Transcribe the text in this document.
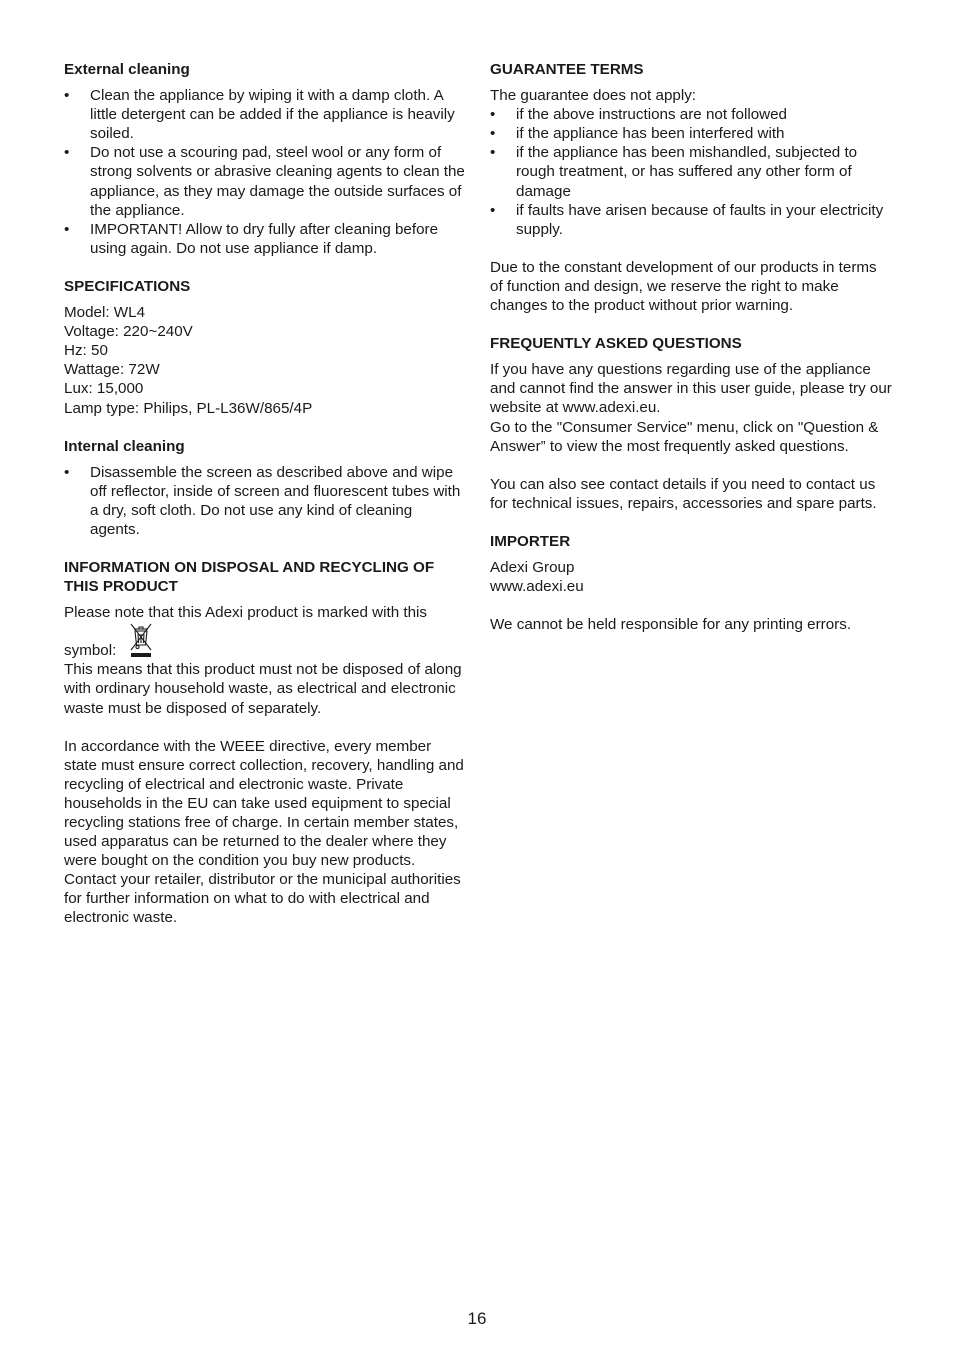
External cleaning
• Clean the appliance by wiping it with a damp cloth. A little detergent can be added if the appliance is heavily soiled.
• Do not use a scouring pad, steel wool or any form of strong solvents or abrasive cleaning agents to clean the appliance, as they may damage the outside surfaces of the appliance.
• IMPORTANT! Allow to dry fully after cleaning before using again. Do not use appliance if damp.
SPECIFICATIONS

Model: WL4

Voltage: 220~240V

Hz: 50

Wattage: 72W

Lux: 15,000

Lamp type: Philips, PL-L36W/865/4P

Internal cleaning
• Disassemble the screen as described above and wipe off reflector, inside of screen and fluorescent tubes with a dry, soft cloth. Do not use any kind of cleaning agents.
INFORMATION ON DISPOSAL AND RECYCLING OF THIS PRODUCT

Please note that this Adexi product is marked with this

symbol:

This means that this product must not be disposed of along with ordinary household waste, as electrical and electronic waste must be disposed of separately.

In accordance with the WEEE directive, every member state must ensure correct collection, recovery, handling and recycling of electrical and electronic waste. Private households in the EU can take used equipment to special recycling stations free of charge. In certain member states, used apparatus can be returned to the dealer where they were bought on the condition you buy new products. Contact your retailer, distributor or the municipal authorities for further information on what to do with electrical and electronic waste.

GUARANTEE TERMS

The guarantee does not apply:

• if the above instructions are not followed
• if the appliance has been interfered with
• if the appliance has been mishandled, subjected to rough treatment, or has suffered any other form of damage
• if faults have arisen because of faults in your electricity supply.

Due to the constant development of our products in terms of function and design, we reserve the right to make changes to the product without prior warning.

FREQUENTLY ASKED QUESTIONS

If you have any questions regarding use of the appliance and cannot find the answer in this user guide, please try our website at www.adexi.eu.

Go to the "Consumer Service" menu, click on "Question & Answer” to view the most frequently asked questions.

You can also see contact details if you need to contact us for technical issues, repairs, accessories and spare parts.

IMPORTER

Adexi Group

www.adexi.eu

We cannot be held responsible for any printing errors.

16
